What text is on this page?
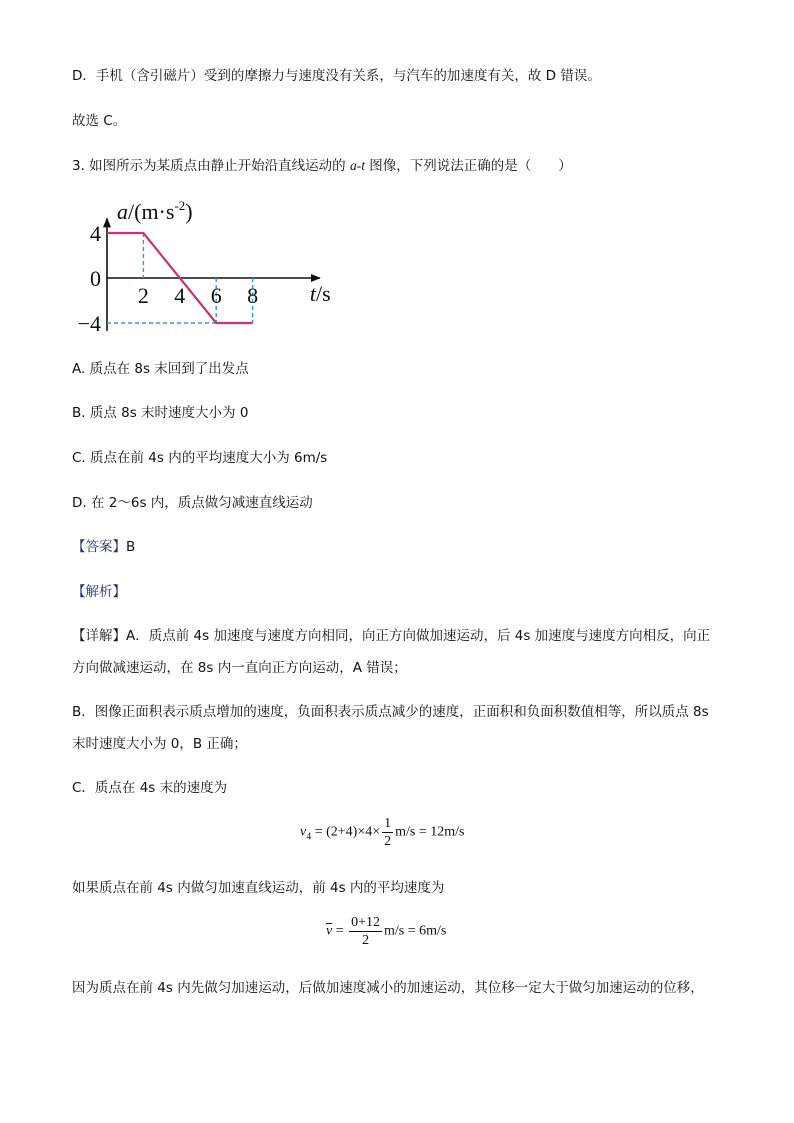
D．手机（含引磁片）受到的摩擦力与速度没有关系，与汽车的加速度有关，故 D 错误。
故选 C。
3. 如图所示为某质点由静止开始沿直线运动的 a-t 图像，下列说法正确的是（　　）
2 4 6 8
4
0
−4
$a/(m\cdot s^{-2})$
t/s
A. 质点在 8s 末回到了出发点
B. 质点 8s 末时速度大小为 0
C. 质点在前 4s 内的平均速度大小为 6m/s
D. 在 2～6s 内，质点做匀减速直线运动
【答案】B
【解析】
【详解】A．质点前 4s 加速度与速度方向相同，向正方向做加速运动，后 4s 加速度与速度方向相反，向正
方向做减速运动，在 8s 内一直向正方向运动，A 错误；
B．图像正面积表示质点增加的速度，负面积表示质点减少的速度，正面积和负面积数值相等，所以质点 8s
末时速度大小为 0，B 正确；
C．质点在 4s 末的速度为
$v_4 = (2+4)\times 4\times \frac{1}{2} m/s = 12m/s$
如果质点在前 4s 内做匀加速直线运动，前 4s 内的平均速度为
$\overline{v} = \frac{0+12}{2} m/s = 6m/s$
因为质点在前 4s 内先做匀加速运动，后做加速度减小的加速运动，其位移一定大于做匀加速运动的位移，
